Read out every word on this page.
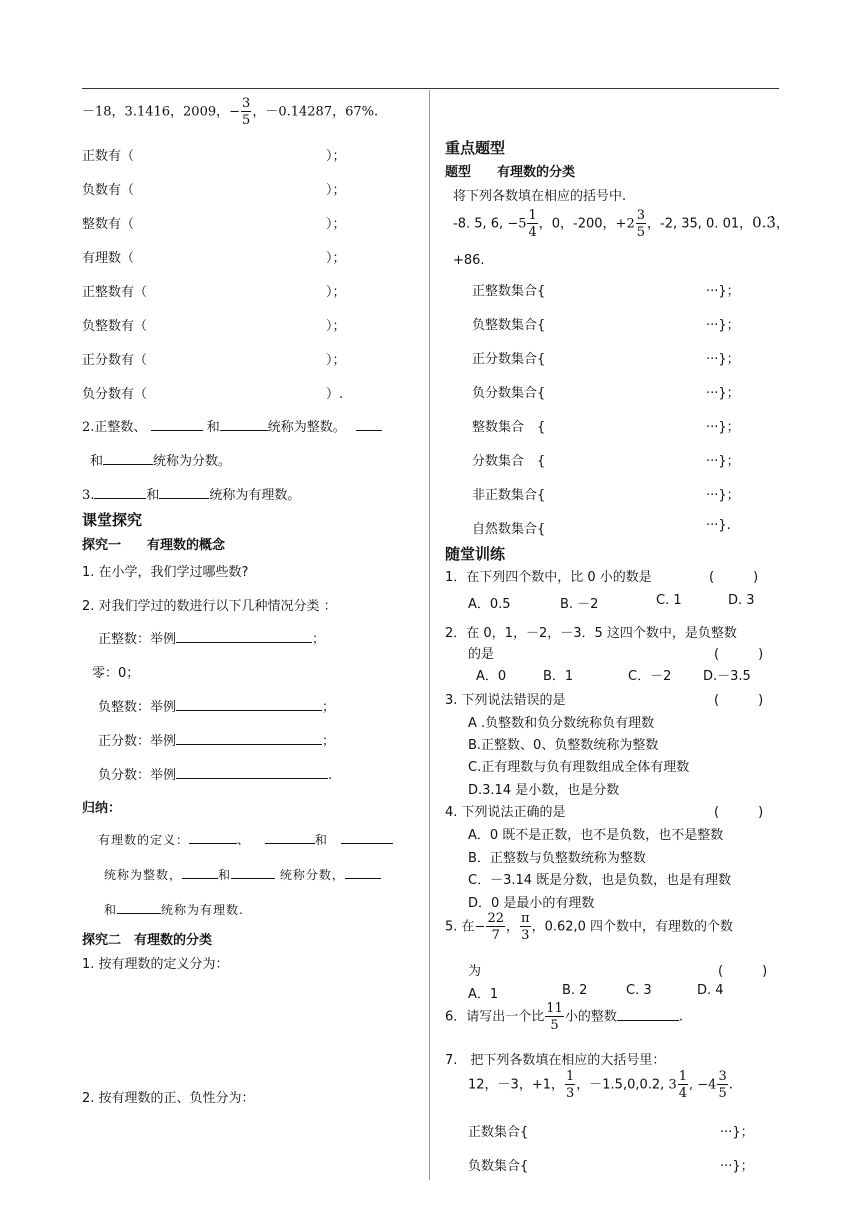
－18，3.1416，2009，− $\frac{3}{5}$ ，－0.14287，67%.
正数有（	）；
负数有（	）；
整数有（	）；
有理数（	）；
正整数有（	）；
负整数有（	）；
正分数有（	）；
负分数有（	）.
2.正整数、	和	统称为整数。
和	统称为分数。
3.	和	统称为有理数。
课堂探究
探究一　　有理数的概念
1. 在小学，我们学过哪些数?
2. 对我们学过的数进行以下几种情况分类 ：
正整数：举例	；
零：0；
负整数：举例	；
正分数：举例	；
负分数：举例	.
归纳：
有理数的定义：	、	和
统称为整数，	和	统称分数，
和	统称为有理数.
探究二　有理数的分类
1. 按有理数的定义分为：
2. 按有理数的正、负性分为：
重点题型
题型　　有理数的分类
将下列各数填在相应的括号中.
-8. 5, 6, $-5 \frac{1}{4}$ ，0，-200，$+2 \frac{3}{5}$ ，-2, 35, 0. 01，0.3̇，
+86.
正整数集合{	···}；
负整数集合{	···}；
正分数集合{	···}；
负分数集合{	···}；
整数集合　{	···}；
分数集合　{	···}；
非正数集合{	···}；
自然数集合{	···}.
随堂训练
1．在下列四个数中，比 0 小的数是	(　　　)
A．0.5	B. －2	C. 1	D. 3
2．在 0，1，－2，－3．5 这四个数中，是负整数
的是	(　　　)
A．0	B．1	C．－2 D.－3.5
3. 下列说法错误的是	(　　　)
A .负整数和负分数统称负有理数
B.正整数、0、负整数统称为整数
C.正有理数与负有理数组成全体有理数
D.3.14 是小数，也是分数
4. 下列说法正确的是	(　　　)
A．0 既不是正数，也不是负数，也不是整数
B．正整数与负整数统称为整数
C．－3.14 既是分数，也是负数，也是有理数
D．0 是最小的有理数
5. 在− $\frac{22}{7}$ ， $\frac{\pi}{3}$ ，0.62,0 四个数中，有理数的个数
为	(　　　)
A．1	B. 2	C. 3	D. 4
6．请写出一个比 $\frac{11}{5}$ 小的整数	.
7.　把下列各数填在相应的大括号里：
12，－3，+1， $\frac{1}{3}$ ，－1.5,0,0.2, $3 \frac{1}{4}$ , $-4 \frac{3}{5}$ .
正数集合{	···}；
负数集合{	···}；
